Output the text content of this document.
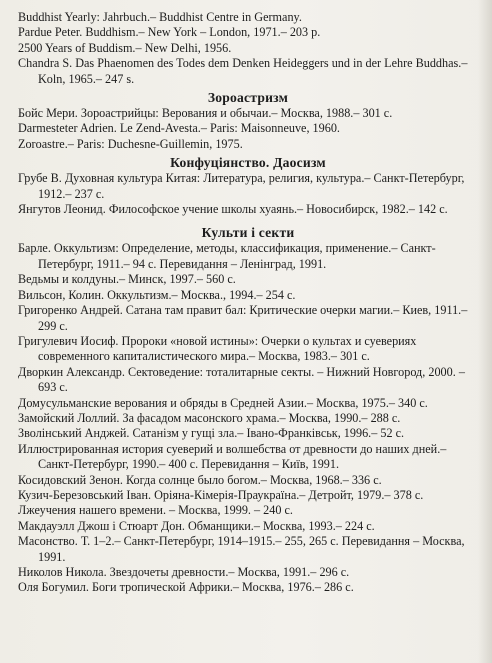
Buddhist Yearly: Jahrbuch.– Buddhist Centre in Germany.

Pardue Peter. Buddhism.– New York – London, 1971.– 203 p.

2500 Years of Buddism.– New Delhi, 1956.

Chandra S. Das Phaenomen des Todes dem Denken Heideggers und in der Lehre Buddhas.– Koln, 1965.– 247 s.

Зороастризм

Бойс Мери. Зороастрийцы: Верования и обычаи.– Москва, 1988.– 301 с.

Darmesteter Adrien. Le Zend-Avesta.– Paris: Maisonneuve, 1960.

Zoroastre.– Paris: Duchesne-Guillemin, 1975.

Конфуціянство. Даосизм

Грубе В. Духовная культура Китая: Литература, религия, культура.– Санкт-Петербург, 1912.– 237 с.

Янгутов Леонид. Философское учение школы хуаянь.– Новосибирск, 1982.– 142 с.

Культи і секти

Барле. Оккультизм: Определение, методы, классификация, применение.– Санкт-Петербург, 1911.– 94 с. Перевидання – Ленінград, 1991.

Ведьмы и колдуны.– Минск, 1997.– 560 с.

Вильсон, Колин. Оккультизм.– Москва., 1994.– 254 с.

Григоренко Андрей. Сатана там правит бал: Критические очерки магии.– Киев, 1911.– 299 с.

Григулевич Иосиф. Пророки «новой истины»: Очерки о культах и суевериях современного капиталистического мира.– Москва, 1983.– 301 с.

Дворкин Александр. Сектоведение: тоталитарные секты. – Нижний Новгород, 2000. – 693 с.

Домусульманские верования и обряды в Средней Азии.– Москва, 1975.– 340 с.

Замойский Лоллий. За фасадом масонского храма.– Москва, 1990.– 288 с.

Зволінський Анджей. Сатанізм у гущі зла.– Івано-Франківськ, 1996.– 52 с.

Иллюстрированная история суеверий и волшебства от древности до наших дней.– Санкт-Петербург, 1990.– 400 с. Перевидання – Київ, 1991.

Косидовский Зенон. Когда солнце было богом.– Москва, 1968.– 336 с.

Кузич-Березовський Іван. Оріяна-Кімерія-Праукраїна.– Детройт, 1979.– 378 с.

Лжеучения нашего времени. – Москва, 1999. – 240 с.

Макдауэлл Джош і Стюарт Дон. Обманщики.– Москва, 1993.– 224 с.

Масонство. Т. 1–2.– Санкт-Петербург, 1914–1915.– 255, 265 с. Перевидання – Москва, 1991.

Николов Никола. Звездочеты древности.– Москва, 1991.– 296 с.

Оля Богумил. Боги тропической Африки.– Москва, 1976.– 286 с.
